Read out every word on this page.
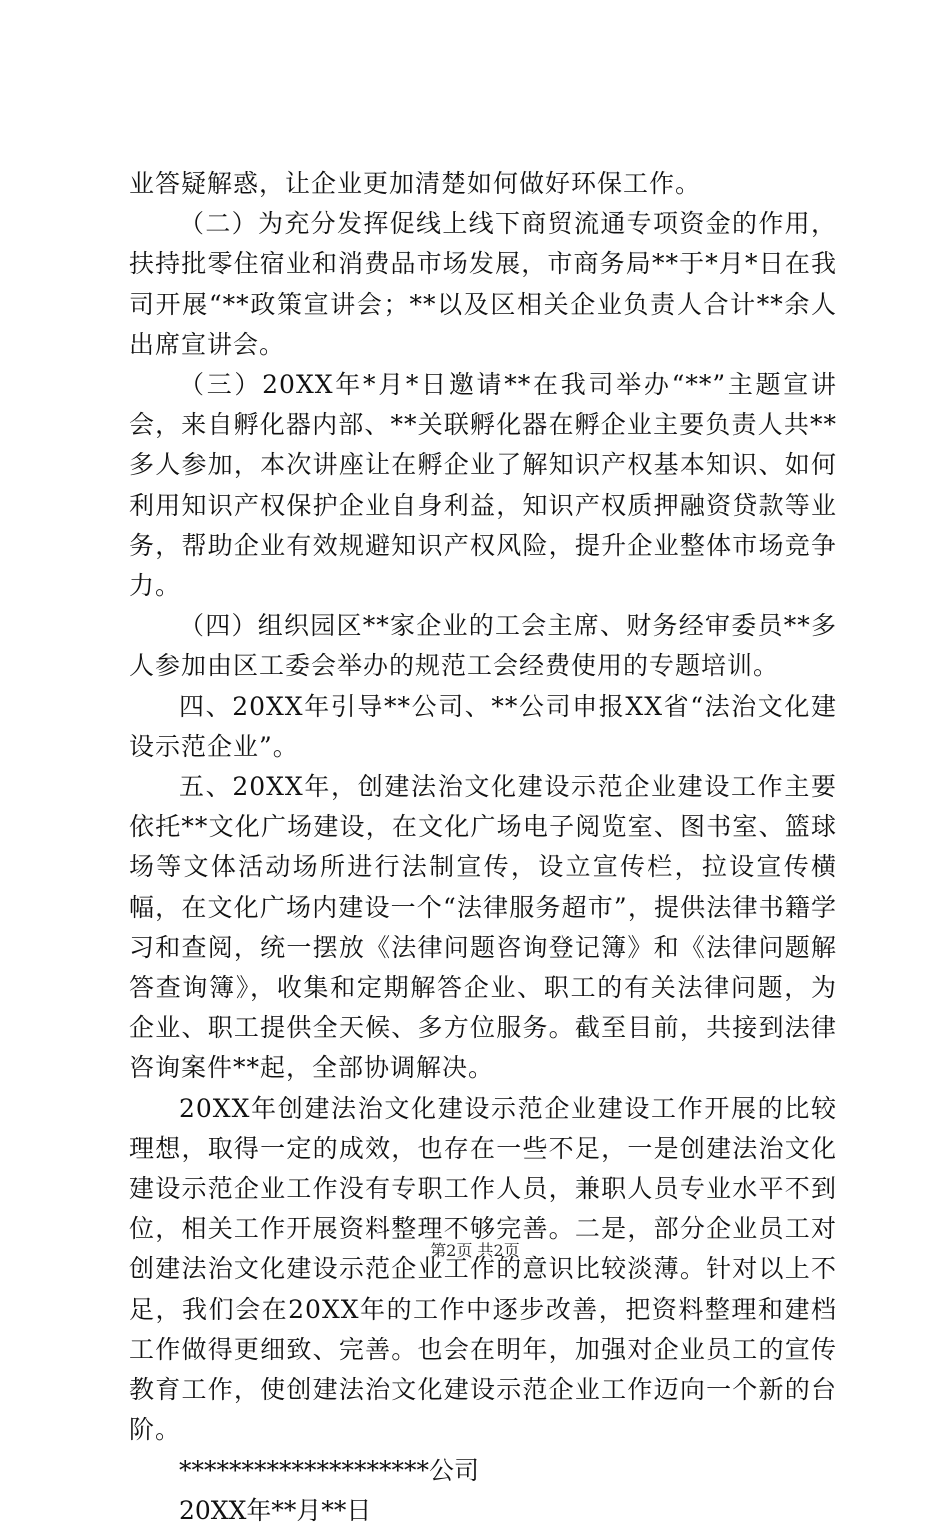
业答疑解惑，让企业更加清楚如何做好环保工作。

（二）为充分发挥促线上线下商贸流通专项资金的作用，扶持批零住宿业和消费品市场发展，市商务局**于*月*日在我司开展“**政策宣讲会；**以及区相关企业负责人合计**余人出席宣讲会。

（三）20XX年*月*日邀请**在我司举办“**”主题宣讲会，来自孵化器内部、**关联孵化器在孵企业主要负责人共**多人参加，本次讲座让在孵企业了解知识产权基本知识、如何利用知识产权保护企业自身利益，知识产权质押融资贷款等业务，帮助企业有效规避知识产权风险，提升企业整体市场竞争力。

（四）组织园区**家企业的工会主席、财务经审委员**多人参加由区工委会举办的规范工会经费使用的专题培训。

四、20XX年引导**公司、**公司申报XX省“法治文化建设示范企业”。

五、20XX年，创建法治文化建设示范企业建设工作主要依托**文化广场建设，在文化广场电子阅览室、图书室、篮球场等文体活动场所进行法制宣传，设立宣传栏，拉设宣传横幅，在文化广场内建设一个“法律服务超市”，提供法律书籍学习和查阅，统一摆放《法律问题咨询登记簿》和《法律问题解答查询簿》，收集和定期解答企业、职工的有关法律问题，为企业、职工提供全天候、多方位服务。截至目前，共接到法律咨询案件**起，全部协调解决。

20XX年创建法治文化建设示范企业建设工作开展的比较理想，取得一定的成效，也存在一些不足，一是创建法治文化建设示范企业工作没有专职工作人员，兼职人员专业水平不到位，相关工作开展资料整理不够完善。二是，部分企业员工对创建法治文化建设示范企业工作的意识比较淡薄。针对以上不足，我们会在20XX年的工作中逐步改善，把资料整理和建档工作做得更细致、完善。也会在明年，加强对企业员工的宣传教育工作，使创建法治文化建设示范企业工作迈向一个新的台阶。

********************公司

20XX年**月**日

第2页 共2页
